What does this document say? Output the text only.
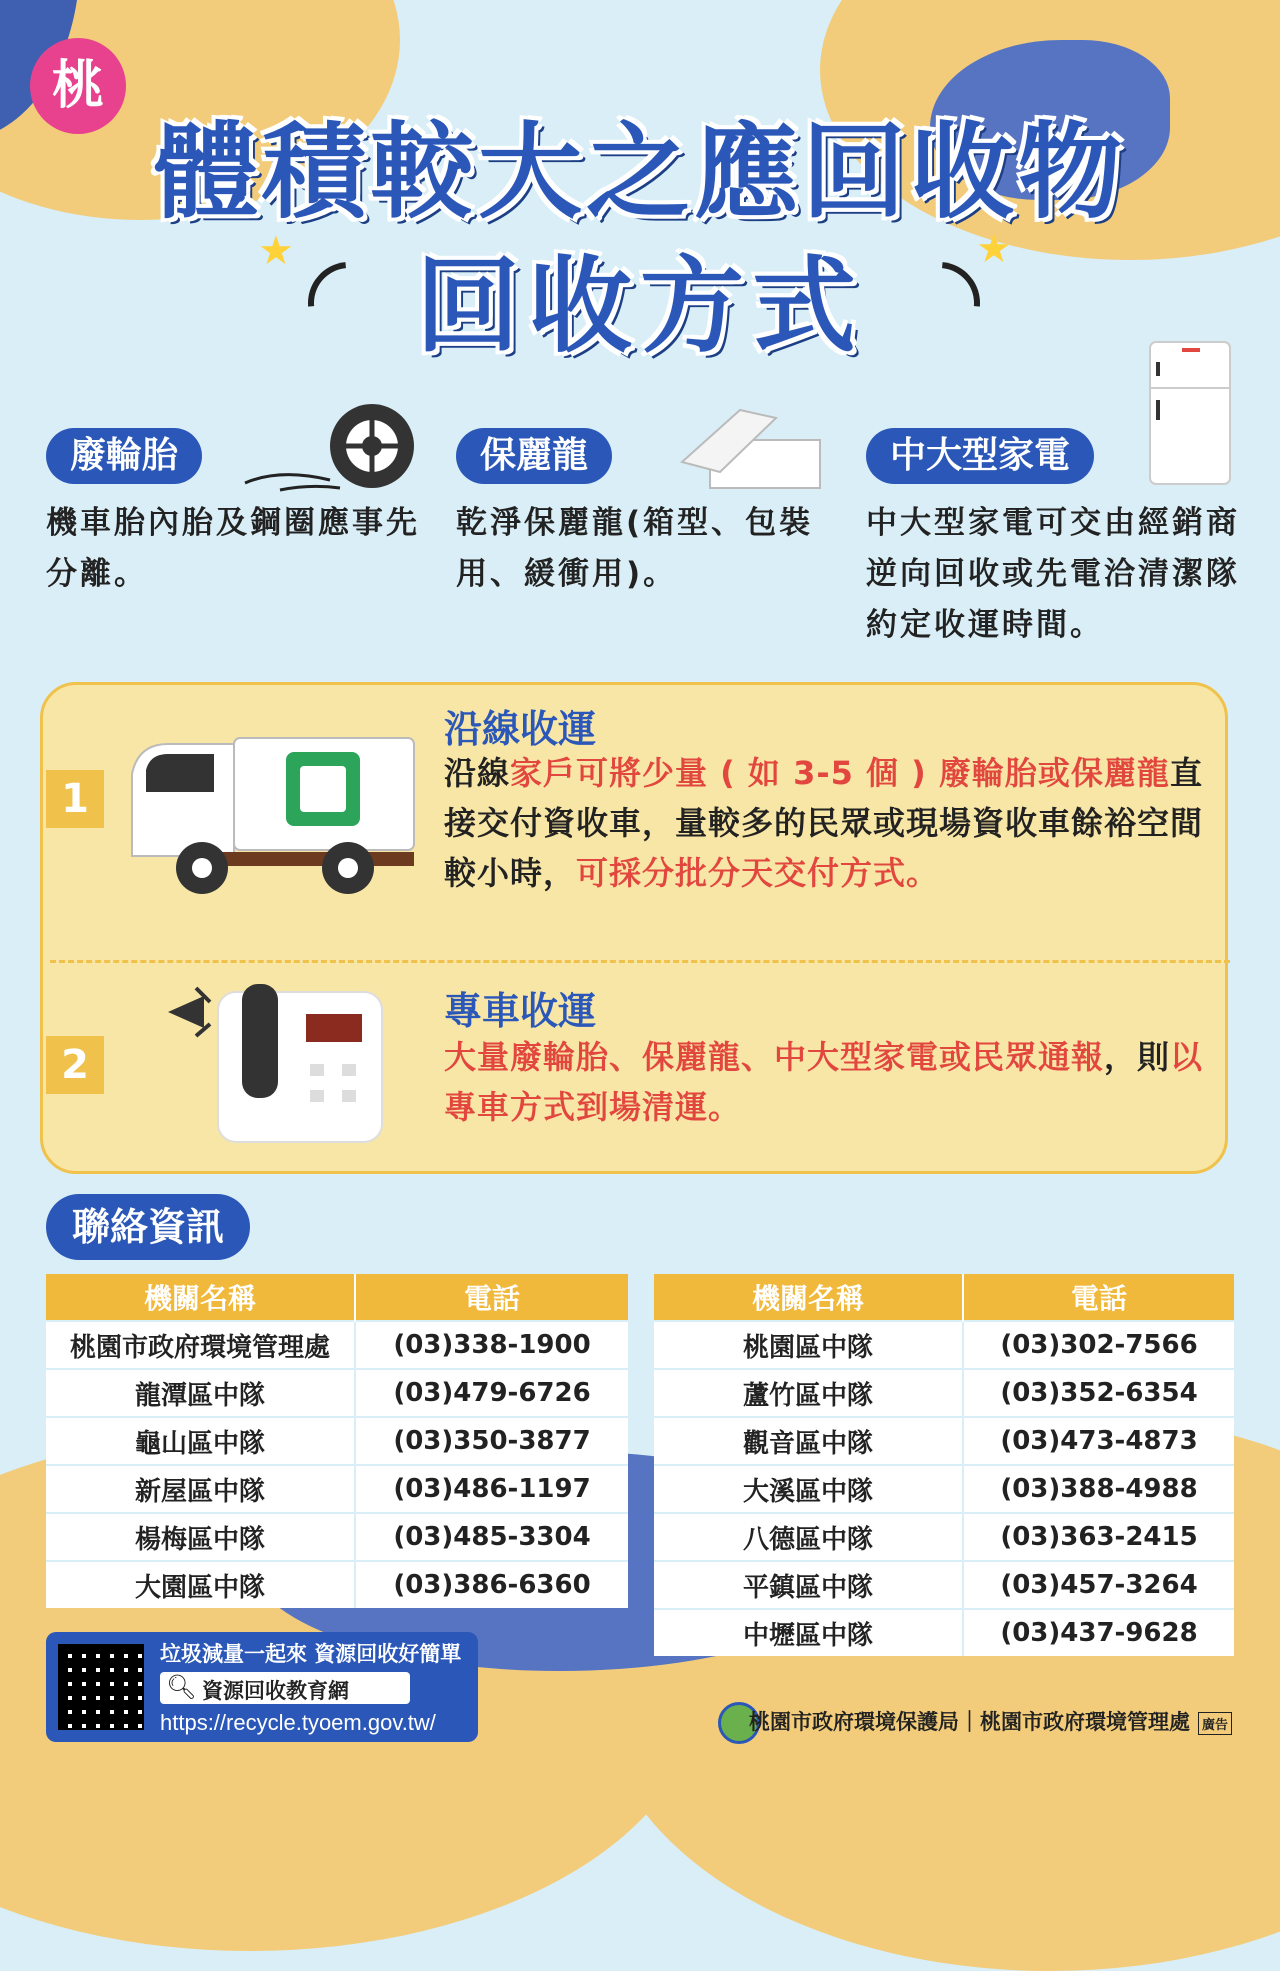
桃
體積較大之應回收物
回收方式
★	★
廢輪胎
機車胎內胎及鋼圈應事先分離。
保麗龍
乾淨保麗龍(箱型、包裝用、緩衝用)。
中大型家電
中大型家電可交由經銷商逆向回收或先電洽清潔隊約定收運時間。
1
沿線收運
沿線家戶可將少量 ( 如 3-5 個 ) 廢輪胎或保麗龍直接交付資收車，量較多的民眾或現場資收車餘裕空間較小時，可採分批分天交付方式。
2
專車收運
大量廢輪胎、保麗龍、中大型家電或民眾通報，則以專車方式到場清運。
聯絡資訊
機關名稱	電話
桃園市政府環境管理處	(03)338-1900
龍潭區中隊	(03)479-6726
龜山區中隊	(03)350-3877
新屋區中隊	(03)486-1197
楊梅區中隊	(03)485-3304
大園區中隊	(03)386-6360
機關名稱	電話
桃園區中隊	(03)302-7566
蘆竹區中隊	(03)352-6354
觀音區中隊	(03)473-4873
大溪區中隊	(03)388-4988
八德區中隊	(03)363-2415
平鎮區中隊	(03)457-3264
中壢區中隊	(03)437-9628
垃圾減量一起來 資源回收好簡單
🔍︎ 資源回收教育網
https://recycle.tyoem.gov.tw/	桃園市政府環境保護局｜桃園市政府環境管理處 廣告
